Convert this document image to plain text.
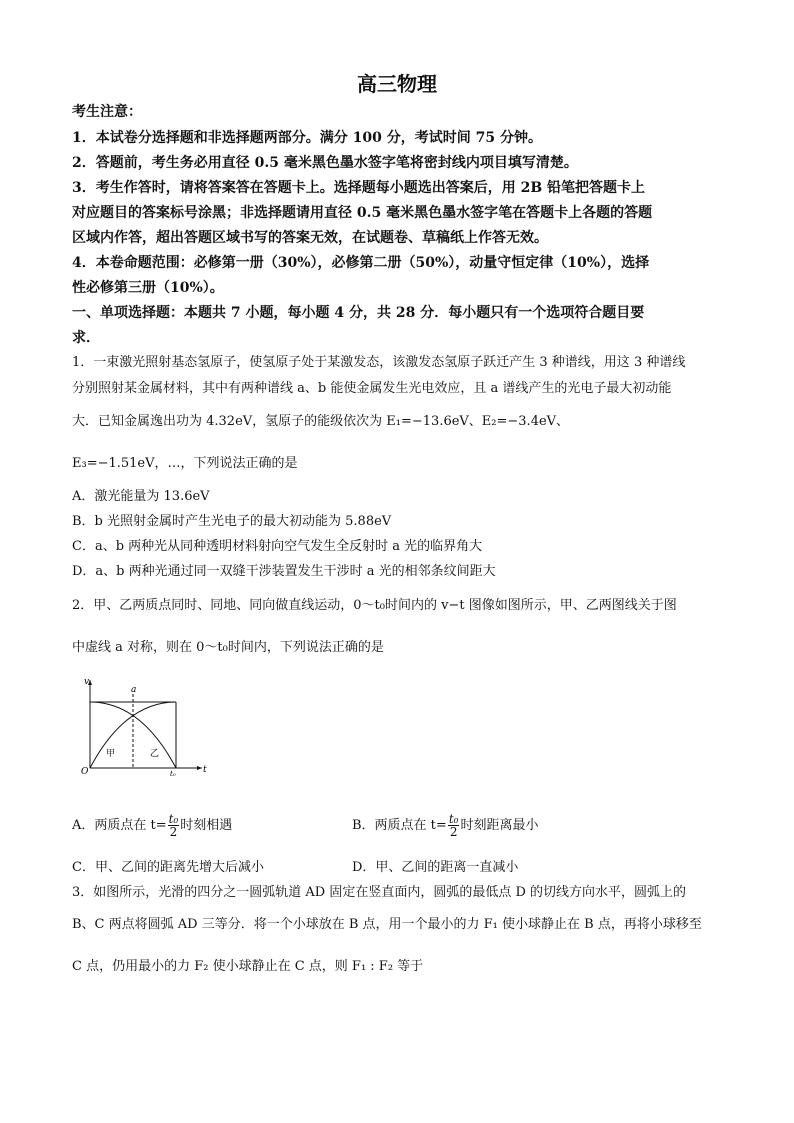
高三物理
考生注意：
1．本试卷分选择题和非选择题两部分。满分 100 分，考试时间 75 分钟。
2．答题前，考生务必用直径 0.5 毫米黑色墨水签字笔将密封线内项目填写清楚。
3．考生作答时，请将答案答在答题卡上。选择题每小题选出答案后，用 2B 铅笔把答题卡上
对应题目的答案标号涂黑；非选择题请用直径 0.5 毫米黑色墨水签字笔在答题卡上各题的答题
区域内作答，超出答题区域书写的答案无效，在试题卷、草稿纸上作答无效。
4．本卷命题范围：必修第一册（30%），必修第二册（50%），动量守恒定律（10%），选择
性必修第三册（10%）。
一、单项选择题：本题共 7 小题，每小题 4 分，共 28 分．每小题只有一个选项符合题目要
求．
1．一束激光照射基态氢原子，使氢原子处于某激发态，该激发态氢原子跃迁产生 3 种谱线，用这 3 种谱线
分别照射某金属材料，其中有两种谱线 a、b 能使金属发生光电效应，且 a 谱线产生的光电子最大初动能
大．已知金属逸出功为 4.32eV，氢原子的能级依次为 E₁=−13.6eV、E₂=−3.4eV、
E₃=−1.51eV，…，下列说法正确的是
A．激光能量为 13.6eV
B．b 光照射金属时产生光电子的最大初动能为 5.88eV
C．a、b 两种光从同种透明材料射向空气发生全反射时 a 光的临界角大
D．a、b 两种光通过同一双缝干涉装置发生干涉时 a 光的相邻条纹间距大
2．甲、乙两质点同时、同地、同向做直线运动，0～t₀时间内的 v−t 图像如图所示，甲、乙两图线关于图
中虚线 a 对称，则在 0～t₀时间内，下列说法正确的是
v
t
O
a
甲	乙
t₀
A．两质点在 $t= \frac{\text{t₀}}{2}$ 时刻相遇	B．两质点在 $t= \frac{\text{t₀}}{2}$ 时刻距离最小
C．甲、乙间的距离先增大后减小	D．甲、乙间的距离一直减小
3．如图所示，光滑的四分之一圆弧轨道 AD 固定在竖直面内，圆弧的最低点 D 的切线方向水平，圆弧上的
B、C 两点将圆弧 AD 三等分．将一个小球放在 B 点，用一个最小的力 F₁ 使小球静止在 B 点，再将小球移至
C 点，仍用最小的力 F₂ 使小球静止在 C 点，则 F₁ : F₂ 等于
